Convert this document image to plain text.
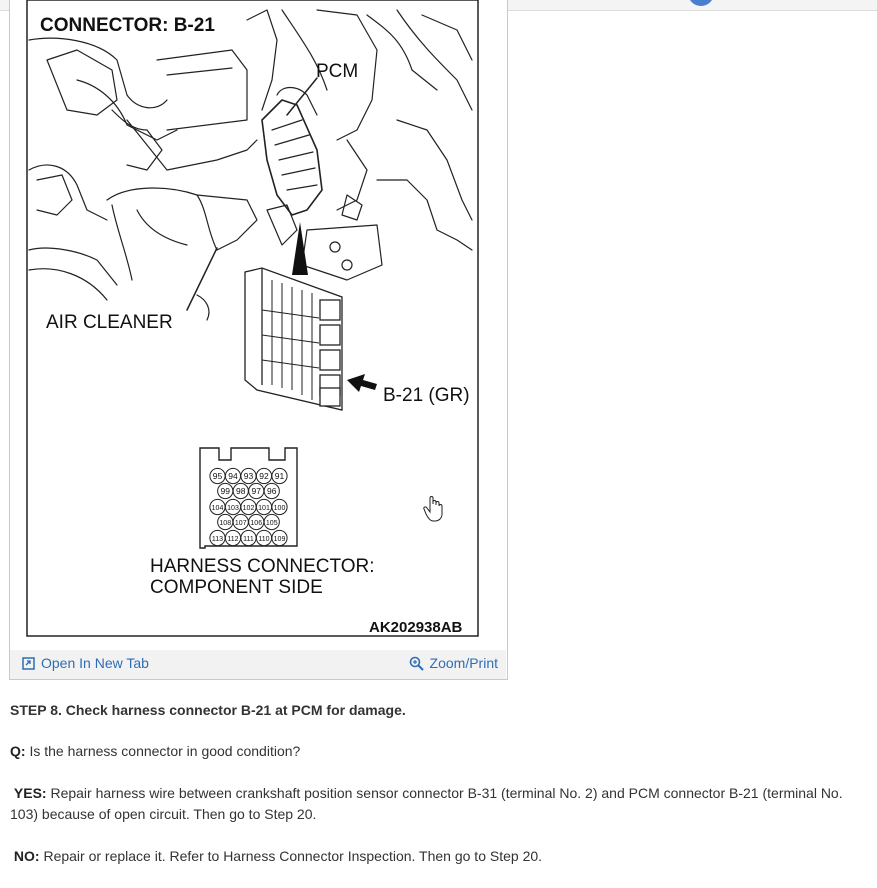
95 94 93 92 91
99 98 97 96
104 103 102 101 100
108 107 106 105
113 112 111 110 109
CONNECTOR: B-21
PCM
AIR CLEANER
B-21 (GR)
HARNESS CONNECTOR:
COMPONENT SIDE
AK202938AB
Open In New Tab	Zoom/Print

STEP 8. Check harness connector B-21 at PCM for damage.

Q: Is the harness connector in good condition?

YES: Repair harness wire between crankshaft position sensor connector B-31 (terminal No. 2) and PCM connector B-21 (terminal No. 103) because of open circuit. Then go to Step 20.

NO: Repair or replace it. Refer to Harness Connector Inspection. Then go to Step 20.
